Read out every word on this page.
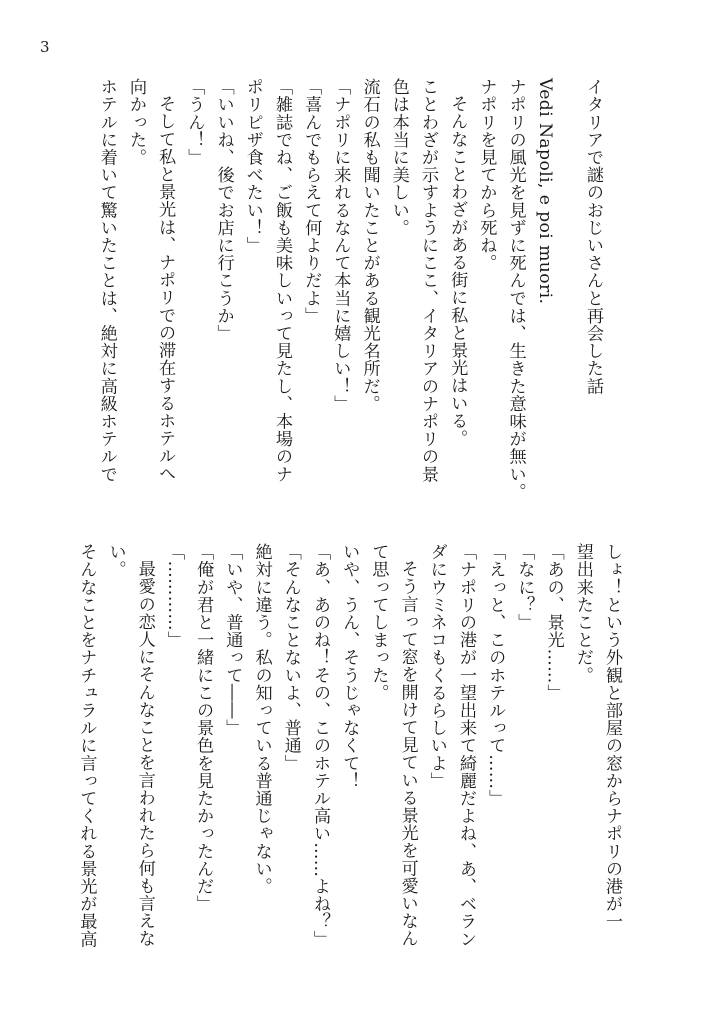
3
イタリアで謎のおじいさんと再会した話
Vedi Napoli, e poi muori.
ナポリの風光を見ずに死んでは、生きた意味が無い。
ナポリを見てから死ね。
そんなことわざがある街に私と景光はいる。
ことわざが示すようにここ、イタリアのナポリの景
色は本当に美しい。
流石の私も聞いたことがある観光名所だ。
「ナポリに来れるなんて本当に嬉しい！」
「喜んでもらえて何よりだよ」
「雑誌でね、ご飯も美味しいって見たし、本場のナ
ポリピザ食べたい！」
「いいね、後でお店に行こうか」
「うん！」
そして私と景光は、ナポリでの滞在するホテルへ
向かった。
ホテルに着いて驚いたことは、絶対に高級ホテルで
しょ！という外観と部屋の窓からナポリの港が一
望出来たことだ。
「あの、景光……」
「なに？」
「えっと、このホテルって……」
「ナポリの港が一望出来て綺麗だよね、あ、ベラン
ダにウミネコもくるらしいよ」
そう言って窓を開けて見ている景光を可愛いなん
て思ってしまった。
いや、うん、そうじゃなくて！
「あ、あのね！その、このホテル高い……よね？」
「そんなことないよ、普通」
絶対に違う。私の知っている普通じゃない。
「いや、普通って――」
「俺が君と一緒にこの景色を見たかったんだ」
「…………」
最愛の恋人にそんなことを言われたら何も言えな
い。
そんなことをナチュラルに言ってくれる景光が最高
